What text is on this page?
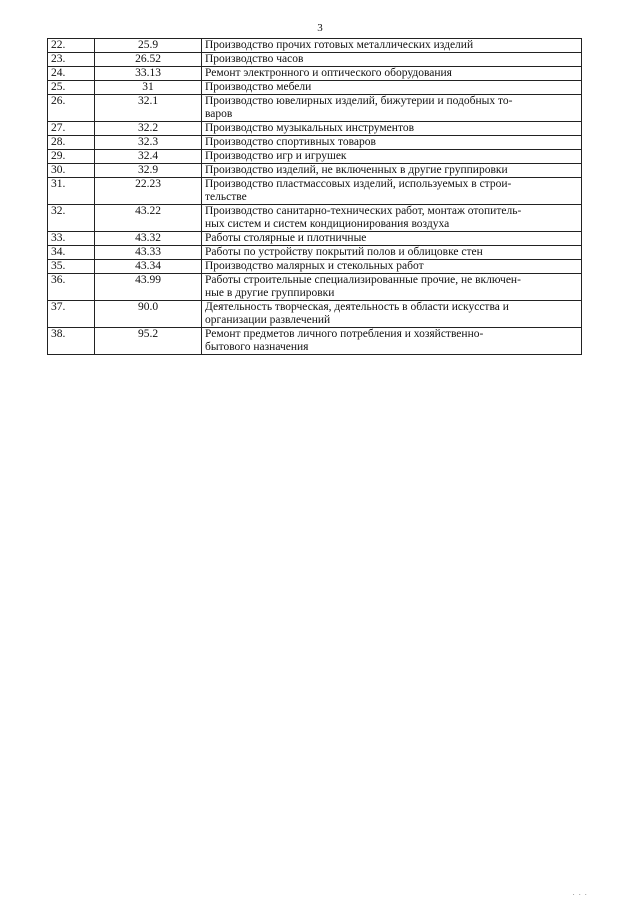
3
22.	25.9	Производство прочих готовых металлических изделий
23.	26.52	Производство часов
24.	33.13	Ремонт электронного и оптического оборудования
25.	31	Производство мебели
26.	32.1	Производство ювелирных изделий, бижутерии и подобных то-
варов
27.	32.2	Производство музыкальных инструментов
28.	32.3	Производство спортивных товаров
29.	32.4	Производство игр и игрушек
30.	32.9	Производство изделий, не включенных в другие группировки
31.	22.23	Производство пластмассовых изделий, используемых в строи-
тельстве
32.	43.22	Производство санитарно-технических работ, монтаж отопитель-
ных систем и систем кондиционирования воздуха
33.	43.32	Работы столярные и плотничные
34.	43.33	Работы по устройству покрытий полов и облицовке стен
35.	43.34	Производство малярных и стекольных работ
36.	43.99	Работы строительные специализированные прочие, не включен-
ные в другие группировки
37.	90.0	Деятельность творческая, деятельность в области искусства и
организации развлечений
38.	95.2	Ремонт предметов личного потребления и хозяйственно-
бытового назначения
· · ·
